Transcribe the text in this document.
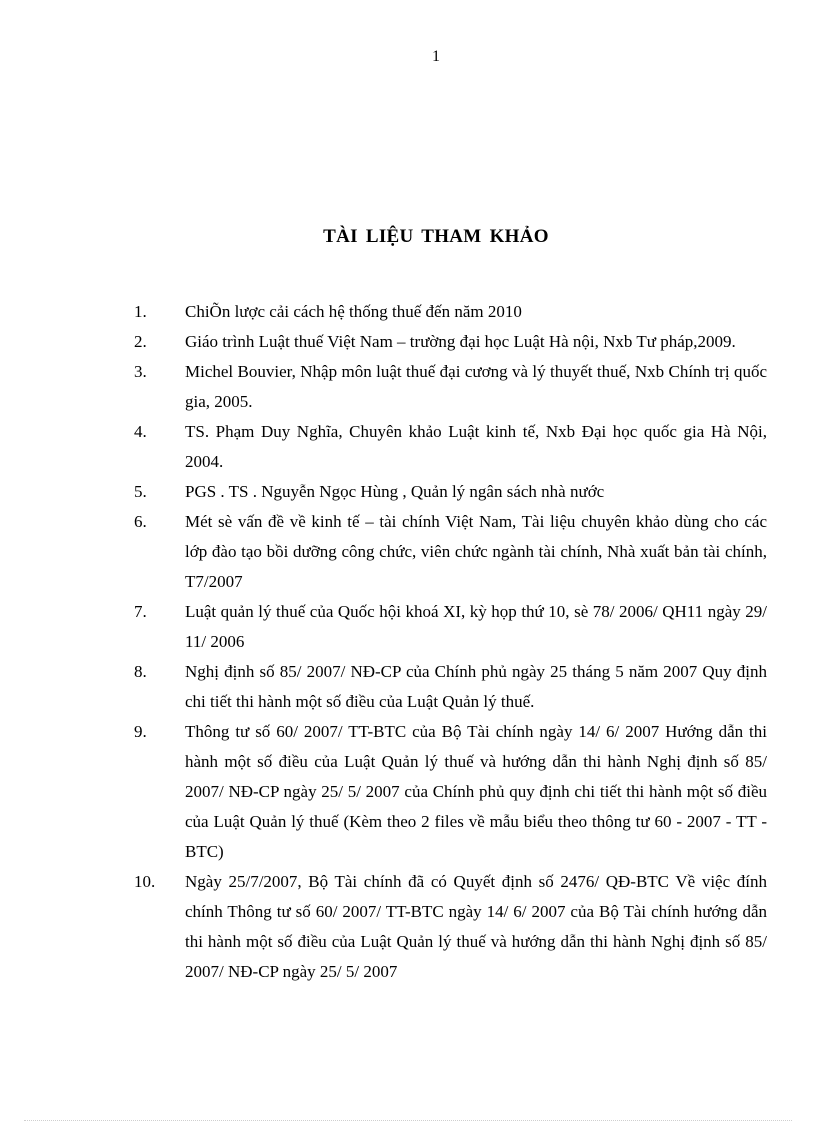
1
TÀI LIỆU THAM KHẢO
1.	ChiÕn lược cải cách hệ thống thuế đến năm 2010
2.	Giáo trình Luật thuế Việt Nam – trường đại học Luật Hà nội, Nxb Tư pháp,2009.
3.	Michel Bouvier, Nhập môn luật thuế đại cương và lý thuyết thuế, Nxb Chính trị quốc gia, 2005.
4.	TS. Phạm Duy Nghĩa, Chuyên khảo Luật kinh tế, Nxb Đại học quốc gia Hà Nội, 2004.
5.	PGS . TS . Nguyễn Ngọc Hùng , Quản lý ngân sách nhà nước
6.	Mét sè vấn đề về kinh tế – tài chính Việt Nam, Tài liệu chuyên khảo dùng cho các lớp đào tạo bồi dưỡng công chức, viên chức ngành tài chính, Nhà xuất bản tài chính, T7/2007
7.	Luật quản lý thuế của Quốc hội khoá XI, kỳ họp thứ 10, sè 78/ 2006/ QH11 ngày 29/ 11/ 2006
8.	Nghị định số 85/ 2007/ NĐ-CP của Chính phủ ngày 25 tháng 5 năm 2007 Quy định chi tiết thi hành một số điều của Luật Quản lý thuế.
9.	Thông tư số 60/ 2007/ TT-BTC của Bộ Tài chính ngày 14/ 6/ 2007 Hướng dẫn thi hành một số điều của Luật Quản lý thuế và hướng dẫn thi hành Nghị định số 85/ 2007/ NĐ-CP ngày 25/ 5/ 2007 của Chính phủ quy định chi tiết thi hành một số điều của Luật Quản lý thuế (Kèm theo 2 files về mẫu biểu theo thông tư 60 - 2007 - TT - BTC)
10.	Ngày 25/7/2007, Bộ Tài chính đã có Quyết định số 2476/ QĐ-BTC Về việc đính chính Thông tư số 60/ 2007/ TT-BTC ngày 14/ 6/ 2007 của Bộ Tài chính hướng dẫn thi hành một số điều của Luật Quản lý thuế và hướng dẫn thi hành Nghị định số 85/ 2007/ NĐ-CP ngày 25/ 5/ 2007
